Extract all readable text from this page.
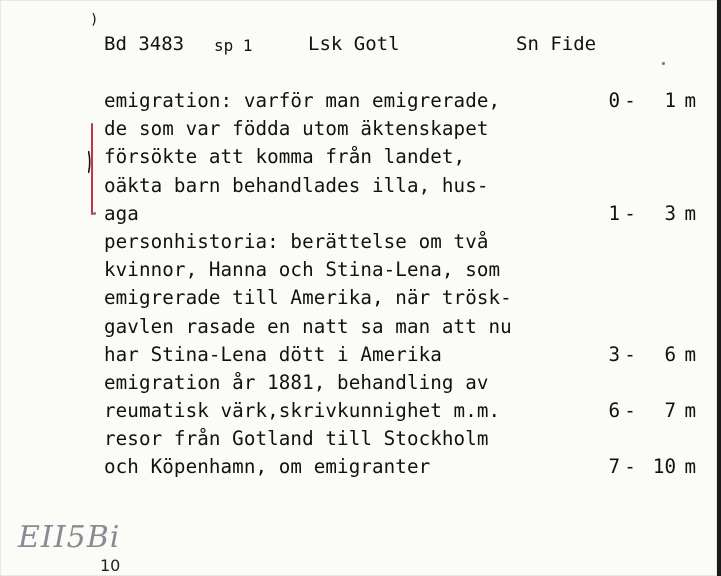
)
Bd 3483 sp 1	Lsk Gotl	Sn Fide
emigration: varför man emigrerade,	0 -	1 m
de som var födda utom äktenskapet
försökte att komma från landet,
oäkta barn behandlades illa, hus-
aga	1 -	3 m
personhistoria: berättelse om två
kvinnor, Hanna och Stina-Lena, som
emigrerade till Amerika, när trösk-
gavlen rasade en natt sa man att nu
har Stina-Lena dött i Amerika	3 -	6 m
emigration år 1881, behandling av
reumatisk värk,skrivkunnighet m.m.	6 -	7 m
resor från Gotland till Stockholm
och Köpenhamn, om emigranter	7 - 10 m
EII5Bi
10
